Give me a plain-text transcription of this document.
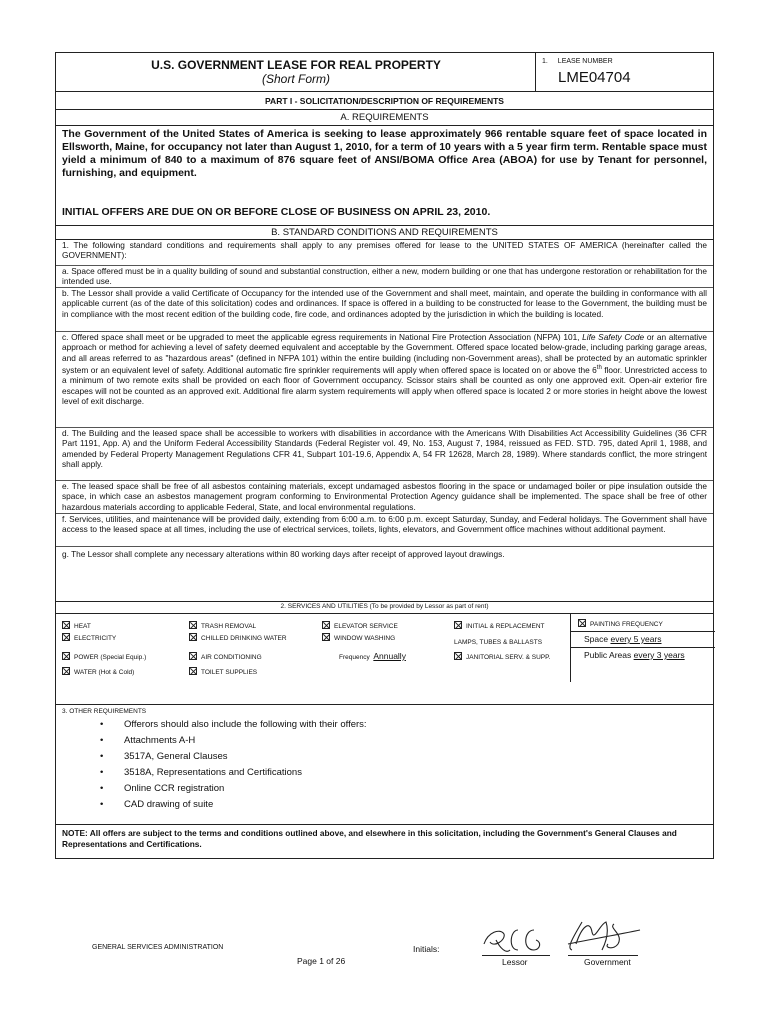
U.S. GOVERNMENT LEASE FOR REAL PROPERTY
(Short Form)
1. LEASE NUMBER
LME04704
PART I - SOLICITATION/DESCRIPTION OF REQUIREMENTS
A. REQUIREMENTS
The Government of the United States of America is seeking to lease approximately 966 rentable square feet of space located in Ellsworth, Maine, for occupancy not later than August 1, 2010, for a term of 10 years with a 5 year firm term. Rentable space must yield a minimum of 840 to a maximum of 876 square feet of ANSI/BOMA Office Area (ABOA) for use by Tenant for personnel, furnishing, and equipment.
INITIAL OFFERS ARE DUE ON OR BEFORE CLOSE OF BUSINESS ON APRIL 23, 2010.
B. STANDARD CONDITIONS AND REQUIREMENTS
1. The following standard conditions and requirements shall apply to any premises offered for lease to the UNITED STATES OF AMERICA (hereinafter called the GOVERNMENT):
a. Space offered must be in a quality building of sound and substantial construction, either a new, modern building or one that has undergone restoration or rehabilitation for the intended use.
b. The Lessor shall provide a valid Certificate of Occupancy for the intended use of the Government and shall meet, maintain, and operate the building in conformance with all applicable current (as of the date of this solicitation) codes and ordinances. If space is offered in a building to be constructed for lease to the Government, the building must be in compliance with the most recent edition of the building code, fire code, and ordinances adopted by the jurisdiction in which the building is located.
c. Offered space shall meet or be upgraded to meet the applicable egress requirements in National Fire Protection Association (NFPA) 101, Life Safety Code or an alternative approach or method for achieving a level of safety deemed equivalent and acceptable by the Government. Offered space located below-grade, including parking garage areas, and all areas referred to as "hazardous areas" (defined in NFPA 101) within the entire building (including non-Government areas), shall be protected by an automatic sprinkler system or an equivalent level of safety. Additional automatic fire sprinkler requirements will apply when offered space is located on or above the 6th floor. Unrestricted access to a minimum of two remote exits shall be provided on each floor of Government occupancy. Scissor stairs shall be counted as only one approved exit. Open-air exterior fire escapes will not be counted as an approved exit. Additional fire alarm system requirements will apply when offered space is located 2 or more stories in height above the lowest level of exit discharge.
d. The Building and the leased space shall be accessible to workers with disabilities in accordance with the Americans With Disabilities Act Accessibility Guidelines (36 CFR Part 1191, App. A) and the Uniform Federal Accessibility Standards (Federal Register vol. 49, No. 153, August 7, 1984, reissued as FED. STD. 795, dated April 1, 1988, and amended by Federal Property Management Regulations CFR 41, Subpart 101-19.6, Appendix A, 54 FR 12628, March 28, 1989). Where standards conflict, the more stringent shall apply.
e. The leased space shall be free of all asbestos containing materials, except undamaged asbestos flooring in the space or undamaged boiler or pipe insulation outside the space, in which case an asbestos management program conforming to Environmental Protection Agency guidance shall be implemented. The space shall be free of other hazardous materials according to applicable Federal, State, and local environmental regulations.
f. Services, utilities, and maintenance will be provided daily, extending from 6:00 a.m. to 6:00 p.m. except Saturday, Sunday, and Federal holidays. The Government shall have access to the leased space at all times, including the use of electrical services, toilets, lights, elevators, and Government office machines without additional payment.
g. The Lessor shall complete any necessary alterations within 80 working days after receipt of approved layout drawings.
2. SERVICES AND UTILITIES (To be provided by Lessor as part of rent)
HEAT
ELECTRICITY
POWER (Special Equip.)
WATER (Hot & Cold)
TRASH REMOVAL
CHILLED DRINKING WATER
AIR CONDITIONING
TOILET SUPPLIES
ELEVATOR SERVICE
WINDOW WASHING
Frequency Annually
INITIAL & REPLACEMENT
LAMPS, TUBES & BALLASTS
JANITORIAL SERV. & SUPP.
PAINTING FREQUENCY
Space every 5 years
Public Areas every 3 years
3. OTHER REQUIREMENTS
• Offerors should also include the following with their offers:
• Attachments A-H
• 3517A, General Clauses
• 3518A, Representations and Certifications
• Online CCR registration
• CAD drawing of suite
NOTE: All offers are subject to the terms and conditions outlined above, and elsewhere in this solicitation, including the Government's General Clauses and Representations and Certifications.
GENERAL SERVICES ADMINISTRATION
Page 1 of 26
Initials:
Lessor	Government
